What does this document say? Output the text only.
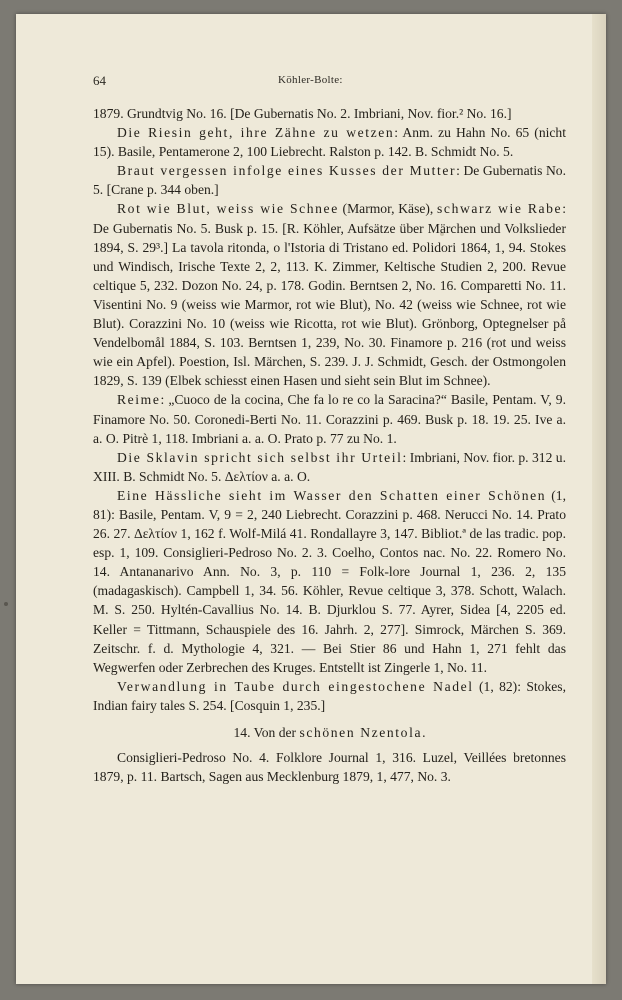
64	Köhler-Bolte:

1879. Grundtvig No. 16. [De Gubernatis No. 2. Imbriani, Nov. fior.² No. 16.]

Die Riesin geht, ihre Zähne zu wetzen: Anm. zu Hahn No. 65 (nicht 15). Basile, Pentamerone 2, 100 Liebrecht. Ralston p. 142. B. Schmidt No. 5.

Braut vergessen infolge eines Kusses der Mutter: De Gubernatis No. 5. [Crane p. 344 oben.]

Rot wie Blut, weiss wie Schnee (Marmor, Käse), schwarz wie Rabe: De Gubernatis No. 5. Busk p. 15. [R. Köhler, Aufsätze über Märchen und Volkslieder 1894, S. 29³.] La tavola ritonda, o l'Istoria di Tristano ed. Polidori 1864, 1, 94. Stokes und Windisch, Irische Texte 2, 2, 113. K. Zimmer, Keltische Studien 2, 200. Revue celtique 5, 232. Dozon No. 24, p. 178. Godin. Berntsen 2, No. 16. Comparetti No. 11. Visentini No. 9 (weiss wie Marmor, rot wie Blut), No. 42 (weiss wie Schnee, rot wie Blut). Corazzini No. 10 (weiss wie Ricotta, rot wie Blut). Grönborg, Optegnelser på Vendelbomål 1884, S. 103. Berntsen 1, 239, No. 30. Finamore p. 216 (rot und weiss wie ein Apfel). Poestion, Isl. Märchen, S. 239. J. J. Schmidt, Gesch. der Ostmongolen 1829, S. 139 (Elbek schiesst einen Hasen und sieht sein Blut im Schnee).

Reime: „Cuoco de la cocina, Che fa lo re co la Saracina?“ Basile, Pentam. V, 9. Finamore No. 50. Coronedi-Berti No. 11. Corazzini p. 469. Busk p. 18. 19. 25. Ive a. a. O. Pitrè 1, 118. Imbriani a. a. O. Prato p. 77 zu No. 1.

Die Sklavin spricht sich selbst ihr Urteil: Imbriani, Nov. fior. p. 312 u. XIII. B. Schmidt No. 5. Δελτίον a. a. O.

Eine Hässliche sieht im Wasser den Schatten einer Schönen (1, 81): Basile, Pentam. V, 9 = 2, 240 Liebrecht. Corazzini p. 468. Nerucci No. 14. Prato 26. 27. Δελτίον 1, 162 f. Wolf-Milá 41. Rondallayre 3, 147. Bibliot.ª de las tradic. pop. esp. 1, 109. Consiglieri-Pedroso No. 2. 3. Coelho, Contos nac. No. 22. Romero No. 14. Antananarivo Ann. No. 3, p. 110 = Folk-lore Journal 1, 236. 2, 135 (madagaskisch). Campbell 1, 34. 56. Köhler, Revue celtique 3, 378. Schott, Walach. M. S. 250. Hyltén-Cavallius No. 14. B. Djurklou S. 77. Ayrer, Sidea [4, 2205 ed. Keller = Tittmann, Schauspiele des 16. Jahrh. 2, 277]. Simrock, Märchen S. 369. Zeitschr. f. d. Mythologie 4, 321. — Bei Stier 86 und Hahn 1, 271 fehlt das Wegwerfen oder Zerbrechen des Kruges. Entstellt ist Zingerle 1, No. 11.

Verwandlung in Taube durch eingestochene Nadel (1, 82): Stokes, Indian fairy tales S. 254. [Cosquin 1, 235.]

14. Von der schönen Nzentola.

Consiglieri-Pedroso No. 4. Folklore Journal 1, 316. Luzel, Veillées bretonnes 1879, p. 11. Bartsch, Sagen aus Mecklenburg 1879, 1, 477, No. 3.
